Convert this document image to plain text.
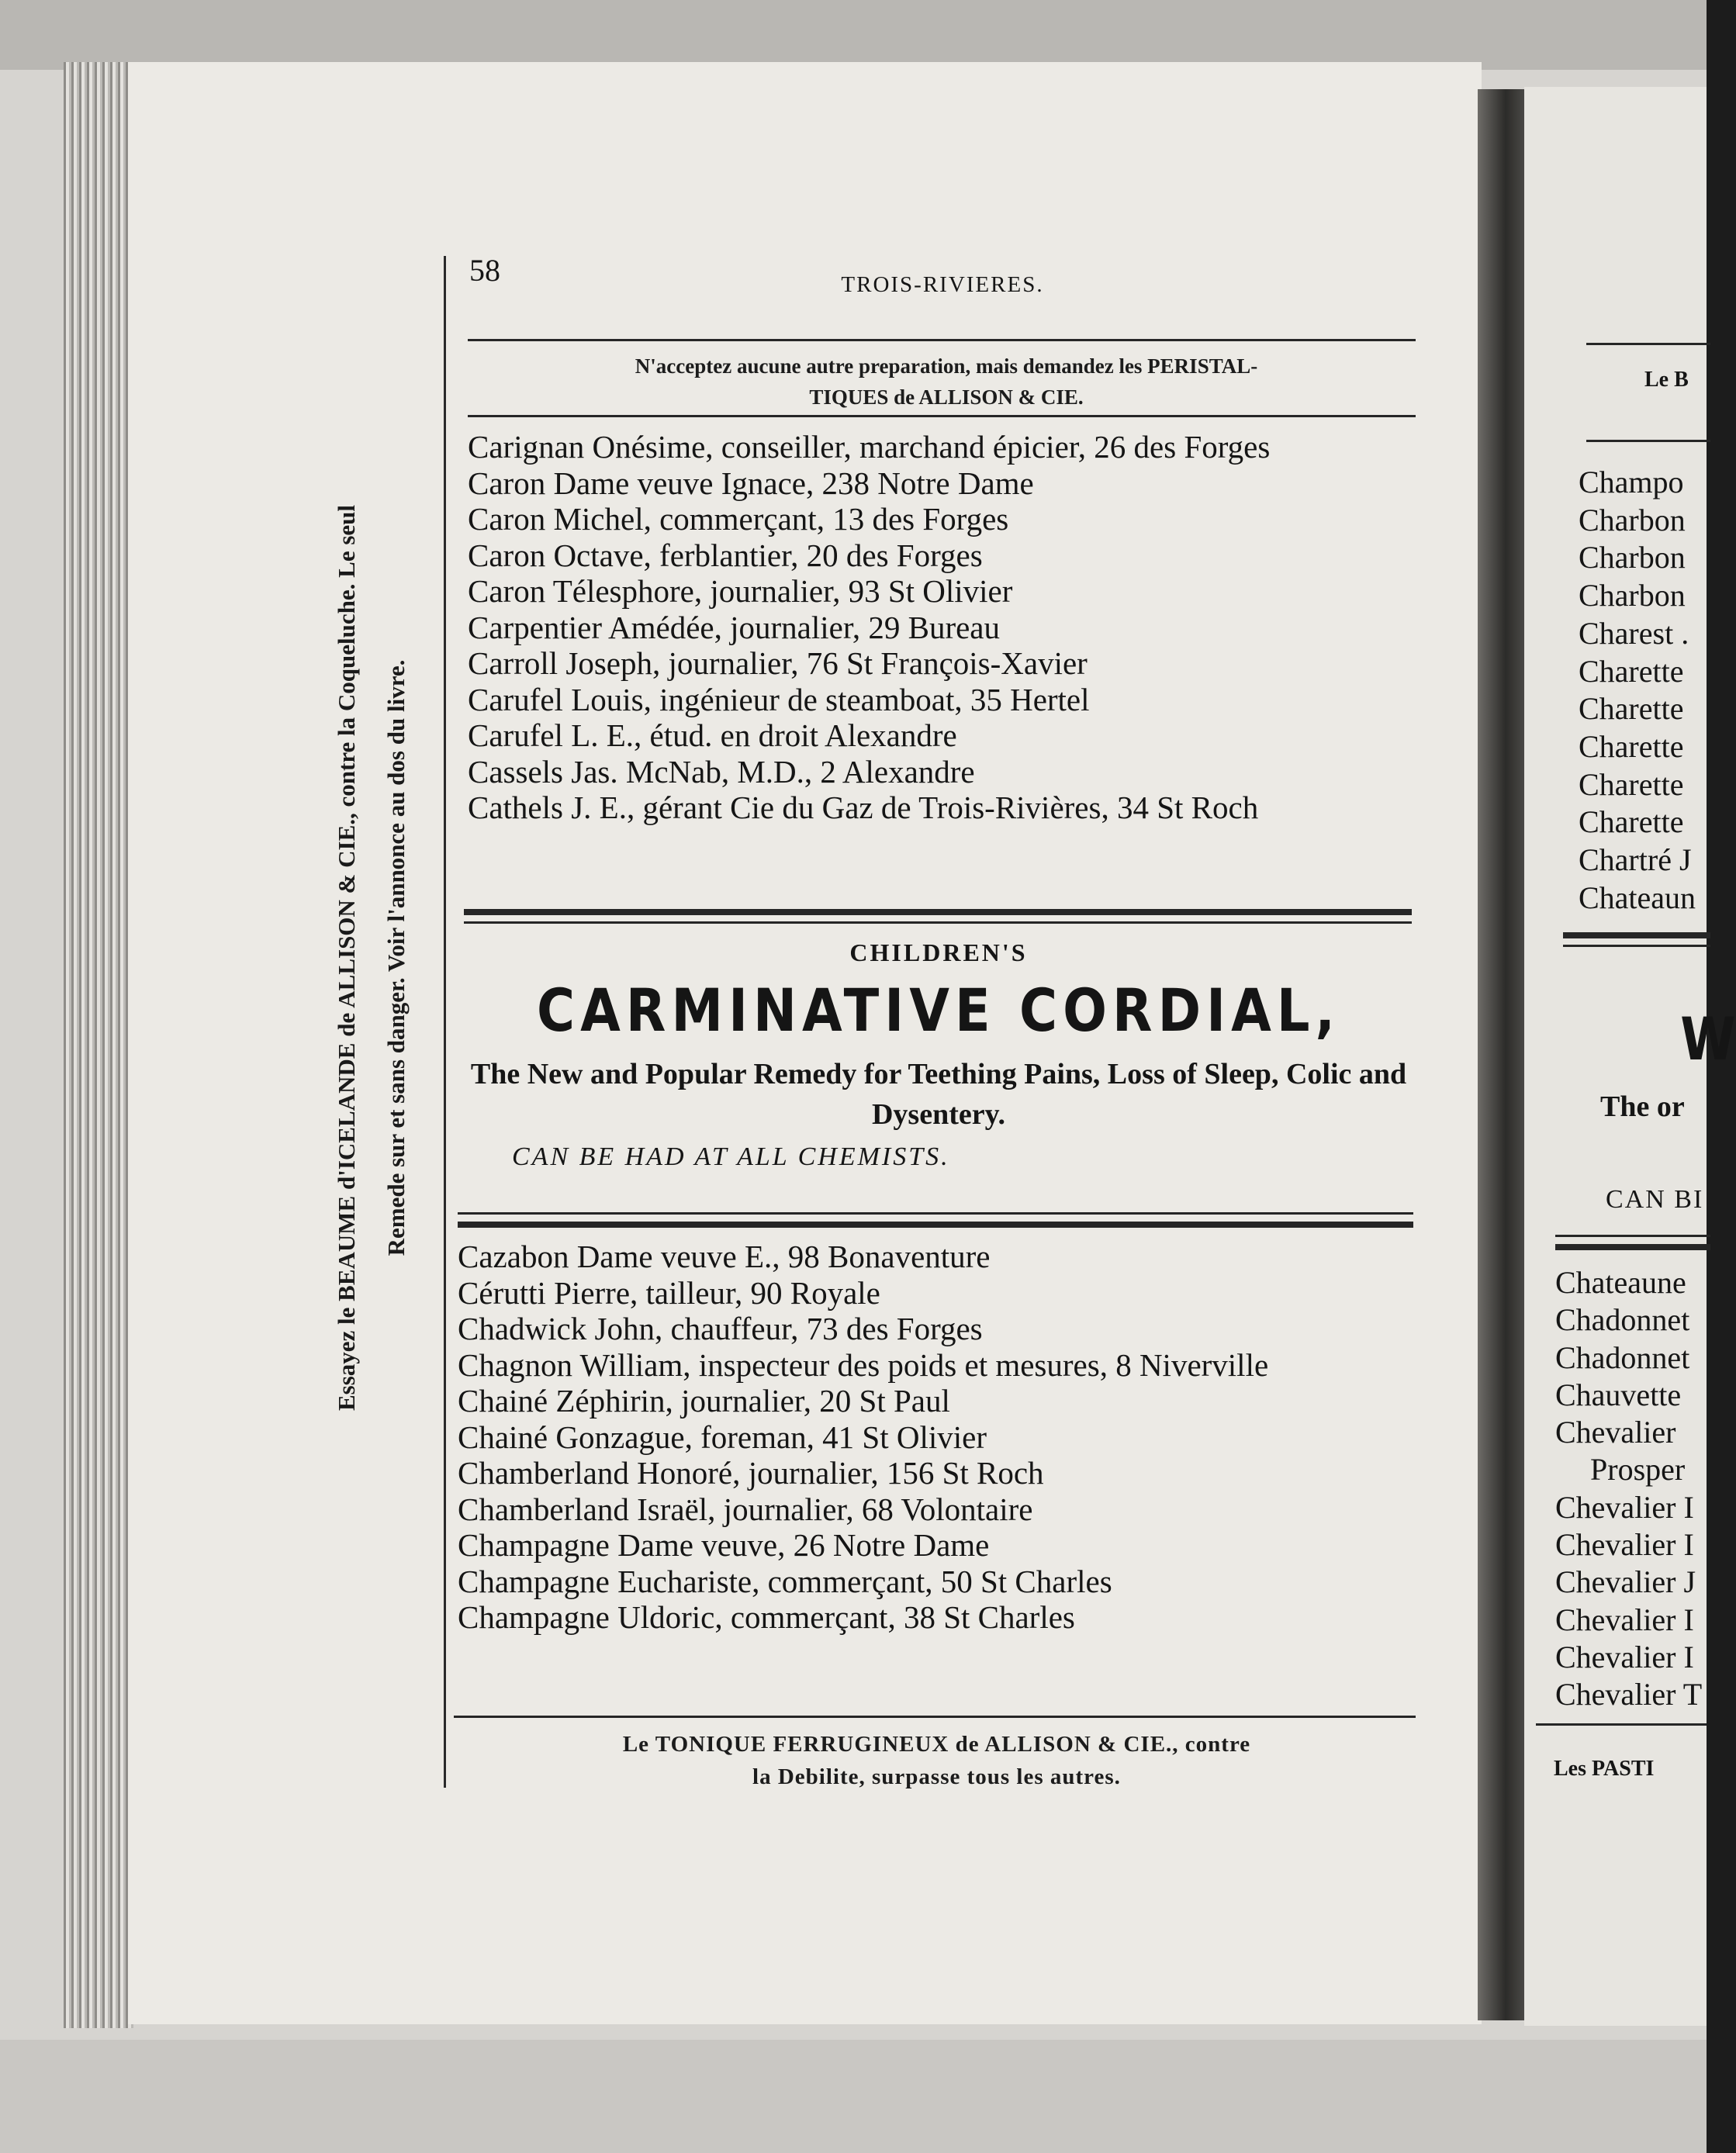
Essayez le BEAUME d'ICELANDE de ALLISON & CIE., contre la Coqueluche. Le seul Remede sur et sans danger. Voir l'annonce au dos du livre.
58	TROIS-RIVIERES.
N'acceptez aucune autre preparation, mais demandez les PERISTAL-
TIQUES de ALLISON & CIE.
Carignan Onésime, conseiller, marchand épicier, 26 des Forges
Caron Dame veuve Ignace, 238 Notre Dame
Caron Michel, commerçant, 13 des Forges
Caron Octave, ferblantier, 20 des Forges
Caron Télesphore, journalier, 93 St Olivier
Carpentier Amédée, journalier, 29 Bureau
Carroll Joseph, journalier, 76 St François-Xavier
Carufel Louis, ingénieur de steamboat, 35 Hertel
Carufel L. E., étud. en droit Alexandre
Cassels Jas. McNab, M.D., 2 Alexandre
Cathels J. E., gérant Cie du Gaz de Trois-Rivières, 34 St Roch
CHILDREN'S
CARMINATIVE CORDIAL,
The New and Popular Remedy for Teething Pains, Loss of Sleep, Colic and Dysentery.
CAN BE HAD AT ALL CHEMISTS.
Cazabon Dame veuve E., 98 Bonaventure
Cérutti Pierre, tailleur, 90 Royale
Chadwick John, chauffeur, 73 des Forges
Chagnon William, inspecteur des poids et mesures, 8 Niverville
Chainé Zéphirin, journalier, 20 St Paul
Chainé Gonzague, foreman, 41 St Olivier
Chamberland Honoré, journalier, 156 St Roch
Chamberland Israël, journalier, 68 Volontaire
Champagne Dame veuve, 26 Notre Dame
Champagne Eucharistе, commerçant, 50 St Charles
Champagne Uldoric, commerçant, 38 St Charles
Le TONIQUE FERRUGINEUX de ALLISON & CIE., contre
la Debilite, surpasse tous les autres.
Le B
Champo
Charbon
Charbon
Charbon
Charest .
Charette
Charette
Charette
Charette
Charette
Chartré J
Chateaun
W
The or
CAN BI
Chateaune
Chadonnet
Chadonnet
Chauvette
Chevalier
Prosper
Chevalier I
Chevalier I
Chevalier J
Chevalier I
Chevalier I
Chevalier T
Les PASTI
